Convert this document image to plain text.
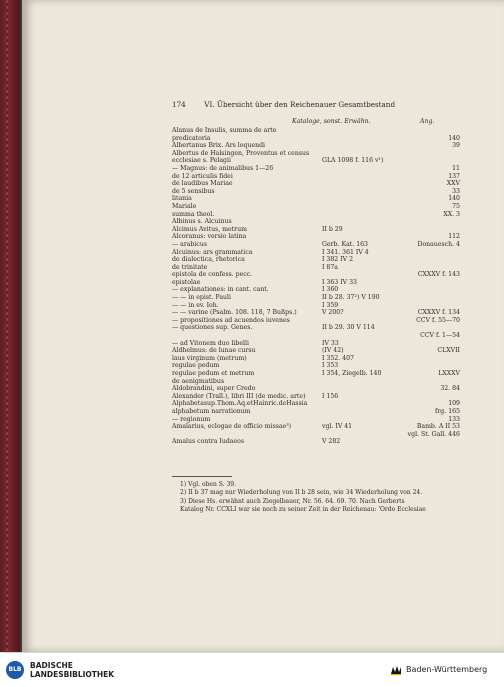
174	VI. Übersicht über den Reichenauer Gesamtbestand
Kataloge, sonst. Erwähn.	Ang.
Alanus de Insulis, summa de arte
predicatoria	140
Albertanus Brix. Ars loquendi	39
Albertus de Halsingen, Proventus et census
ecclesiae s. Pelagii	GLA 1098 f. 116 v¹)
— Magnus: de animalibus 1—26	11
de 12 articulis fidei	137
de laudibus Mariae	XXV
de 5 sensibus	33
litania	140
Mariale	75
summa theol.	XX. 3
Albinus s. Alcuinus
Alcimus Avitus, metrum	II b 29
Alcoranus: versio latina	112
— arabicus	Gerb. Kat. 163	Donauesch. 4
Alcuinus: ars grammatica	I 341. 361 IV 4
de dialectica, rhetorica	I 382 IV 2
de trinitate	I 87a
epistola de confess. pecc.	CXXXV f. 143
epistolae	I 363 IV 33
— explanationes: in cant. cant.	I 360
— — in epist. Pauli	II b 28. 37²) V 190
— — in ev. Ioh.	I 359
— — varine (Psalm. 108. 118, 7 Bußps.)	V 200?	CXXXV f. 134
— propositiones ad acuendos iuvenes	CCV f. 55—70
— questiones sup. Genes.	II b 29. 30 V 114
CCV f. 1—54
— ad Vitonem duo libelli	IV 33
Aldhelmus: de lunae cursu	(IV 42)	CLXVII
laus virginum (metrum)	I 352. 407
regulae pedum	I 353
regulae pedum et metrum	I 354, Ziegelb. 140	LXXXV
de aenigmatibus
Aldobrandini, super Credo	32. 84
Alexander (Trall.), libri III (de medic. arte)	I 156
Alphabetasup.Thom.Aq.etHainric.deHassia	109
alphabetum narrationum	frg. 165
— regionum	133
Amalarius, eclogae de officio missae³)	vgl. IV 41	Bamb. A II 53
vgl. St. Gall. 446
Amalus contra Iudaeos	V 282
1) Vgl. oben S. 39.
2) II b 37 mag nur Wiederholung von II b 28 sein, wie 34 Wiederholung von 24.
3) Diese Hs. erwähnt auch Ziegelbauer, Nr. 56. 64. 69. 70. Nach Gerberts
Katalog Nr. CCXLI war sie noch zu seiner Zeit in der Reichenau: 'Ordo Ecclesiae
BLB	BADISCHE
LANDESBIBLIOTHEK
Baden-Württemberg
